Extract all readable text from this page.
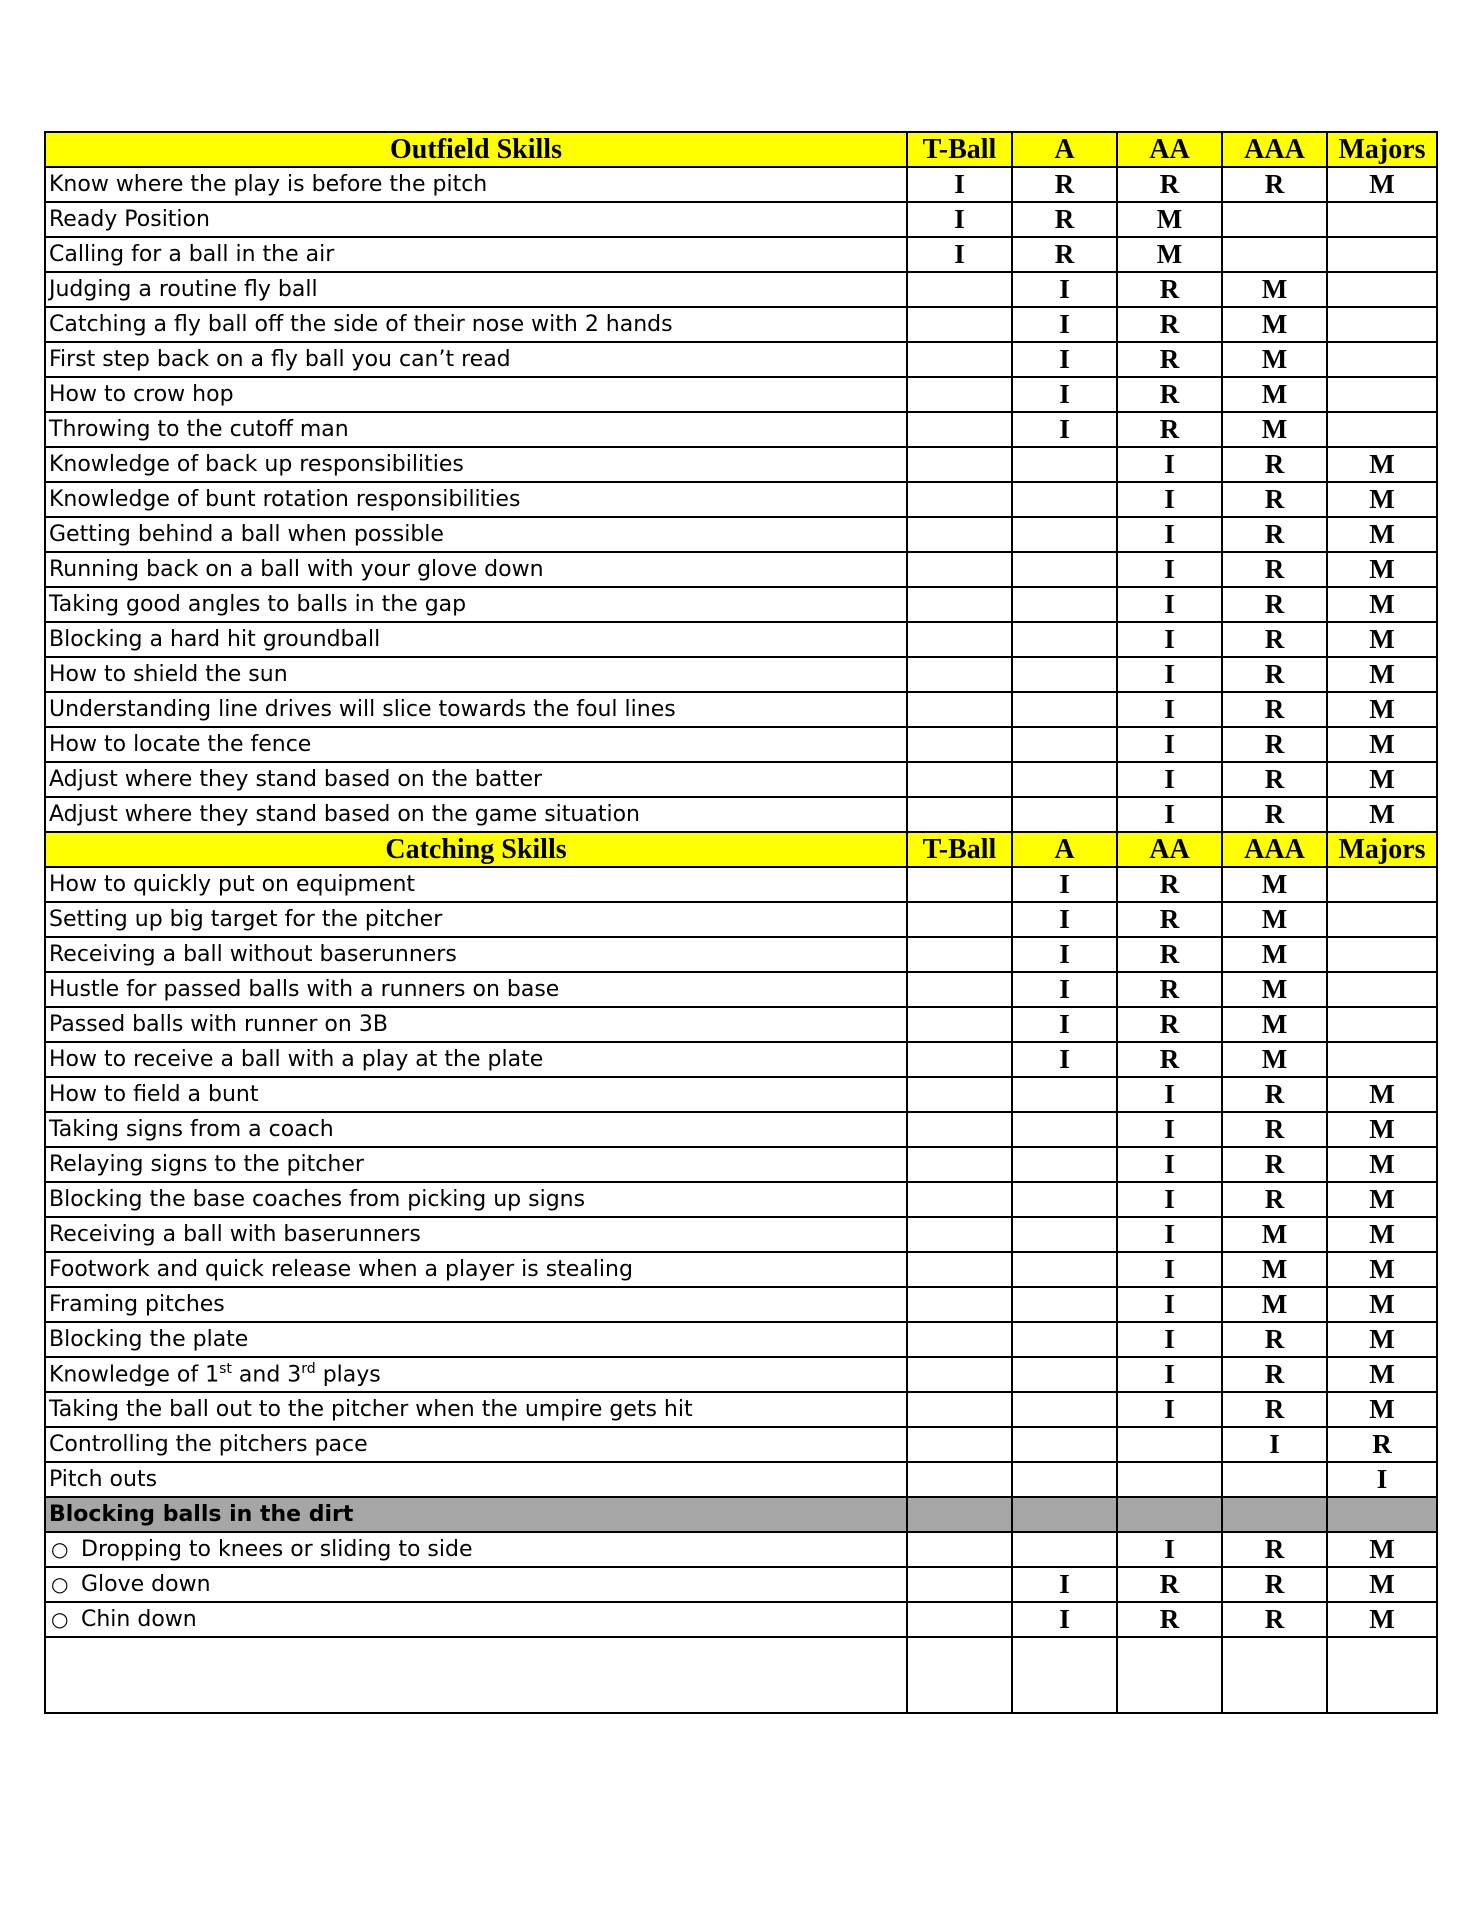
Outfield Skills	T-Ball	A	AA	AAA	Majors
Know where the play is before the pitch	I	R	R	R	M
Ready Position	I	R	M		
Calling for a ball in the air	I	R	M		
Judging a routine fly ball		I	R	M	
Catching a fly ball off the side of their nose with 2 hands		I	R	M	
First step back on a fly ball you can’t read		I	R	M	
How to crow hop		I	R	M	
Throwing to the cutoff man		I	R	M	
Knowledge of back up responsibilities			I	R	M
Knowledge of bunt rotation responsibilities			I	R	M
Getting behind a ball when possible			I	R	M
Running back on a ball with your glove down			I	R	M
Taking good angles to balls in the gap			I	R	M
Blocking a hard hit groundball			I	R	M
How to shield the sun			I	R	M
Understanding line drives will slice towards the foul lines			I	R	M
How to locate the fence			I	R	M
Adjust where they stand based on the batter			I	R	M
Adjust where they stand based on the game situation			I	R	M
Catching Skills	T-Ball	A	AA	AAA	Majors
How to quickly put on equipment		I	R	M	
Setting up big target for the pitcher		I	R	M	
Receiving a ball without baserunners		I	R	M	
Hustle for passed balls with a runners on base		I	R	M	
Passed balls with runner on 3B		I	R	M	
How to receive a ball with a play at the plate		I	R	M	
How to field a bunt			I	R	M
Taking signs from a coach			I	R	M
Relaying signs to the pitcher			I	R	M
Blocking the base coaches from picking up signs			I	R	M
Receiving a ball with baserunners			I	M	M
Footwork and quick release when a player is stealing			I	M	M
Framing pitches			I	M	M
Blocking the plate			I	R	M
Knowledge of 1st and 3rd plays			I	R	M
Taking the ball out to the pitcher when the umpire gets hit			I	R	M
Controlling the pitchers pace				I	R
Pitch outs					I
Blocking balls in the dirt					
○ Dropping to knees or sliding to side			I	R	M
○ Glove down		I	R	R	M
○ Chin down		I	R	R	M
